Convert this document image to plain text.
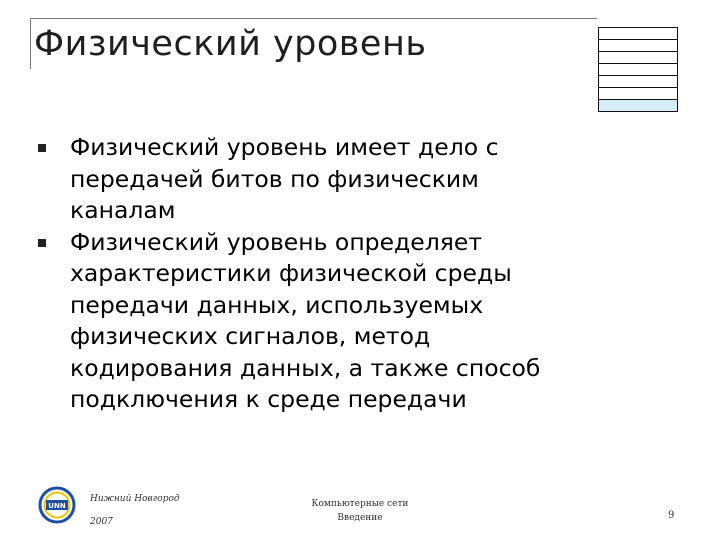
Физический уровень
Физический уровень имеет дело с
передачей битов по физическим
каналам
Физический уровень определяет
характеристики физической среды
передачи данных, используемых
физических сигналов, метод
кодирования данных, а также способ
подключения к среде передачи
UNN
Нижний Новгород
2007
Компьютерные сети
Введение	9
